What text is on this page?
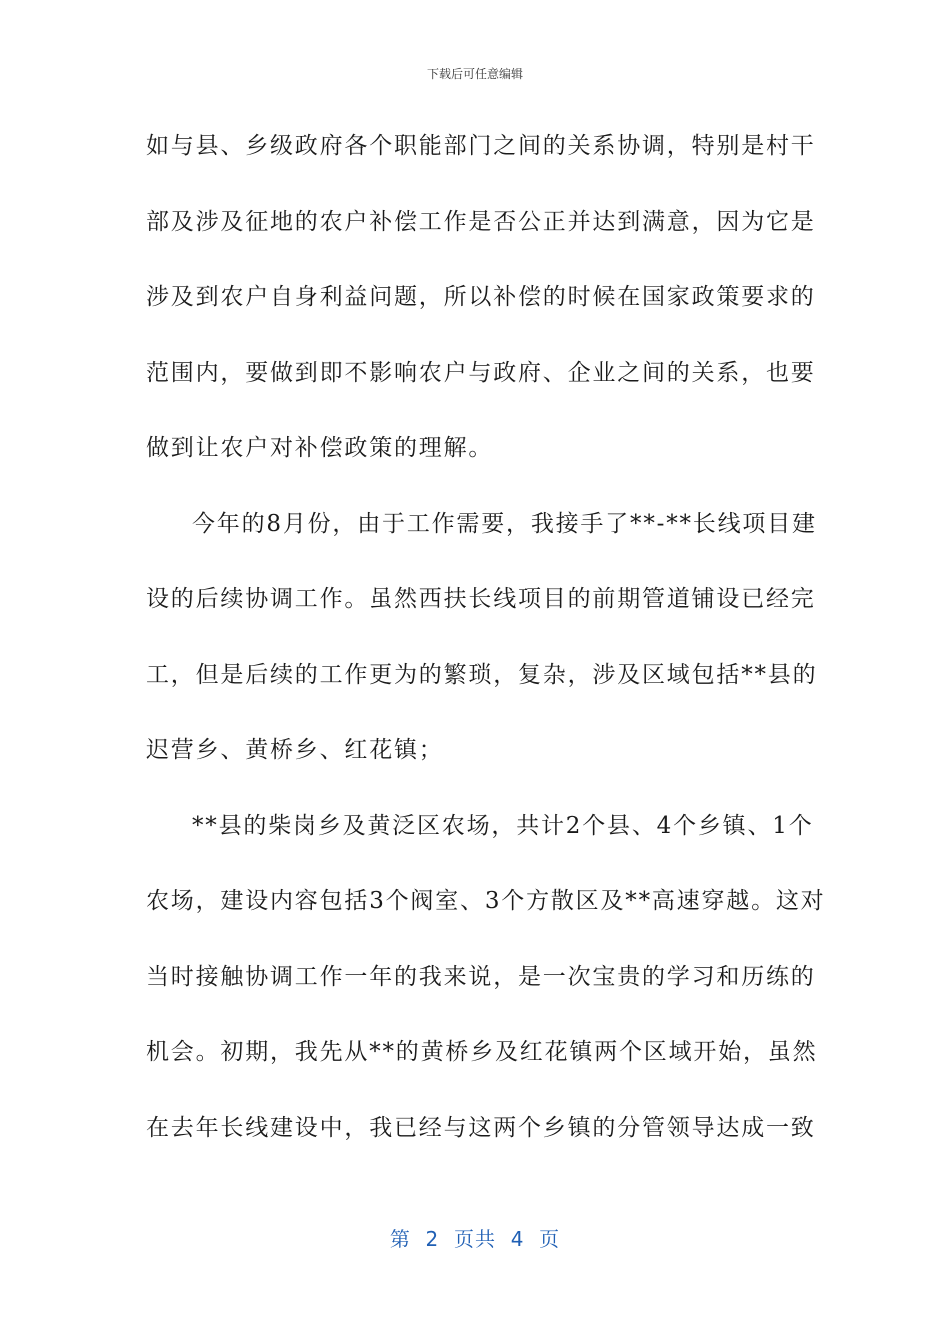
下载后可任意编辑
如与县、乡级政府各个职能部门之间的关系协调，特别是村干
部及涉及征地的农户补偿工作是否公正并达到满意，因为它是
涉及到农户自身利益问题，所以补偿的时候在国家政策要求的
范围内，要做到即不影响农户与政府、企业之间的关系，也要
做到让农户对补偿政策的理解。
今年的8月份，由于工作需要，我接手了**-**长线项目建
设的后续协调工作。虽然西扶长线项目的前期管道铺设已经完
工，但是后续的工作更为的繁琐，复杂，涉及区域包括**县的
迟营乡、黄桥乡、红花镇；
**县的柴岗乡及黄泛区农场，共计2个县、4个乡镇、1个
农场，建设内容包括3个阀室、3个方散区及**高速穿越。这对
当时接触协调工作一年的我来说，是一次宝贵的学习和历练的
机会。初期，我先从**的黄桥乡及红花镇两个区域开始，虽然
在去年长线建设中，我已经与这两个乡镇的分管领导达成一致
第  2  页共  4  页
